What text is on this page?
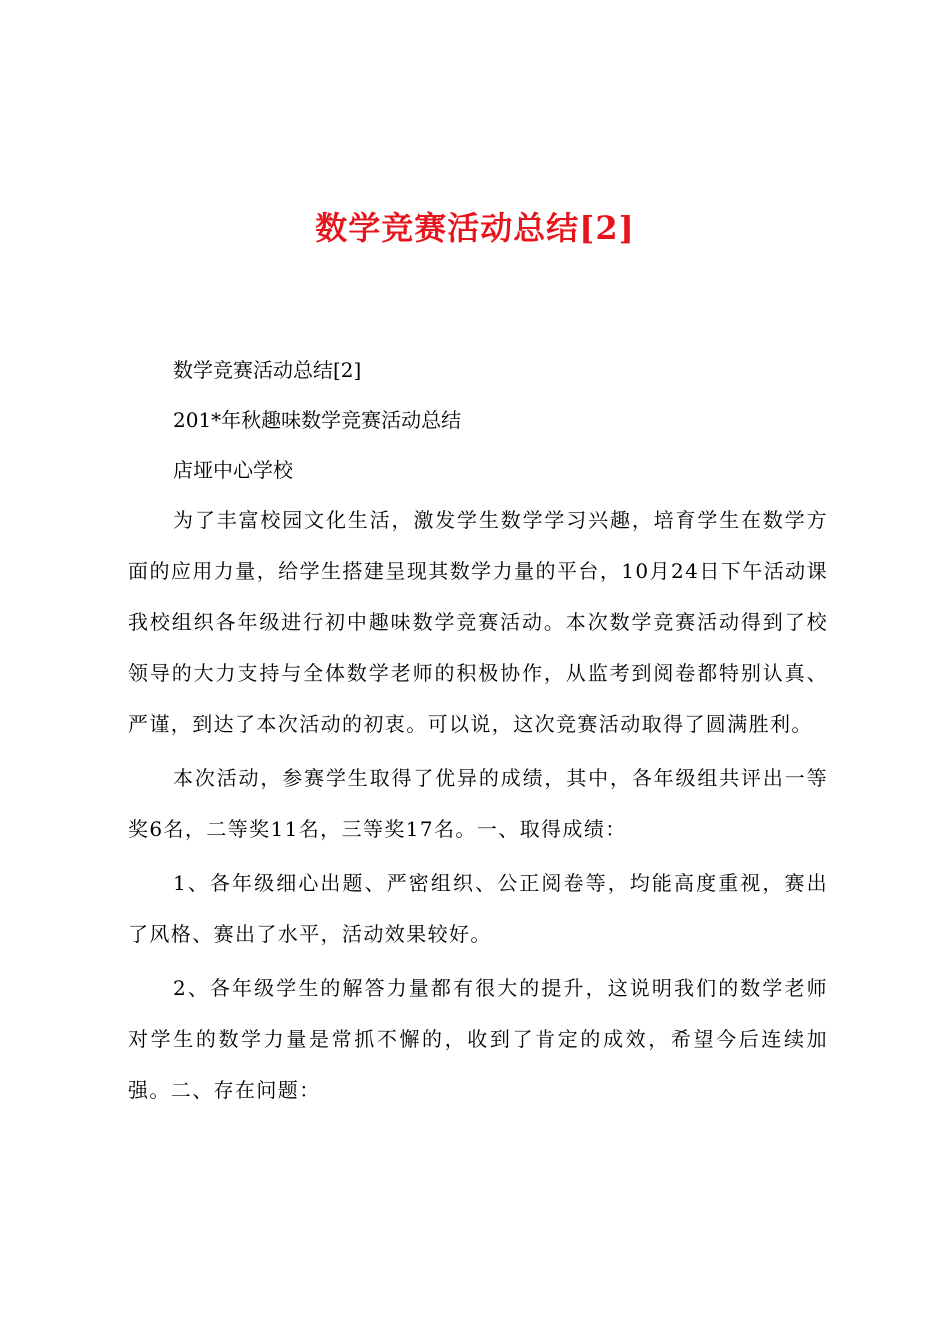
数学竞赛活动总结[2]

数学竞赛活动总结[2]

201*年秋趣味数学竞赛活动总结

店垭中心学校

为了丰富校园文化生活，激发学生数学学习兴趣，培育学生在数学方面的应用力量，给学生搭建呈现其数学力量的平台，10月24日下午活动课我校组织各年级进行初中趣味数学竞赛活动。本次数学竞赛活动得到了校领导的大力支持与全体数学老师的积极协作，从监考到阅卷都特别认真、严谨，到达了本次活动的初衷。可以说，这次竞赛活动取得了圆满胜利。

本次活动，参赛学生取得了优异的成绩，其中，各年级组共评出一等奖6名，二等奖11名，三等奖17名。一、取得成绩：

1、各年级细心出题、严密组织、公正阅卷等，均能高度重视，赛出了风格、赛出了水平，活动效果较好。

2、各年级学生的解答力量都有很大的提升，这说明我们的数学老师对学生的数学力量是常抓不懈的，收到了肯定的成效，希望今后连续加强。二、存在问题：
